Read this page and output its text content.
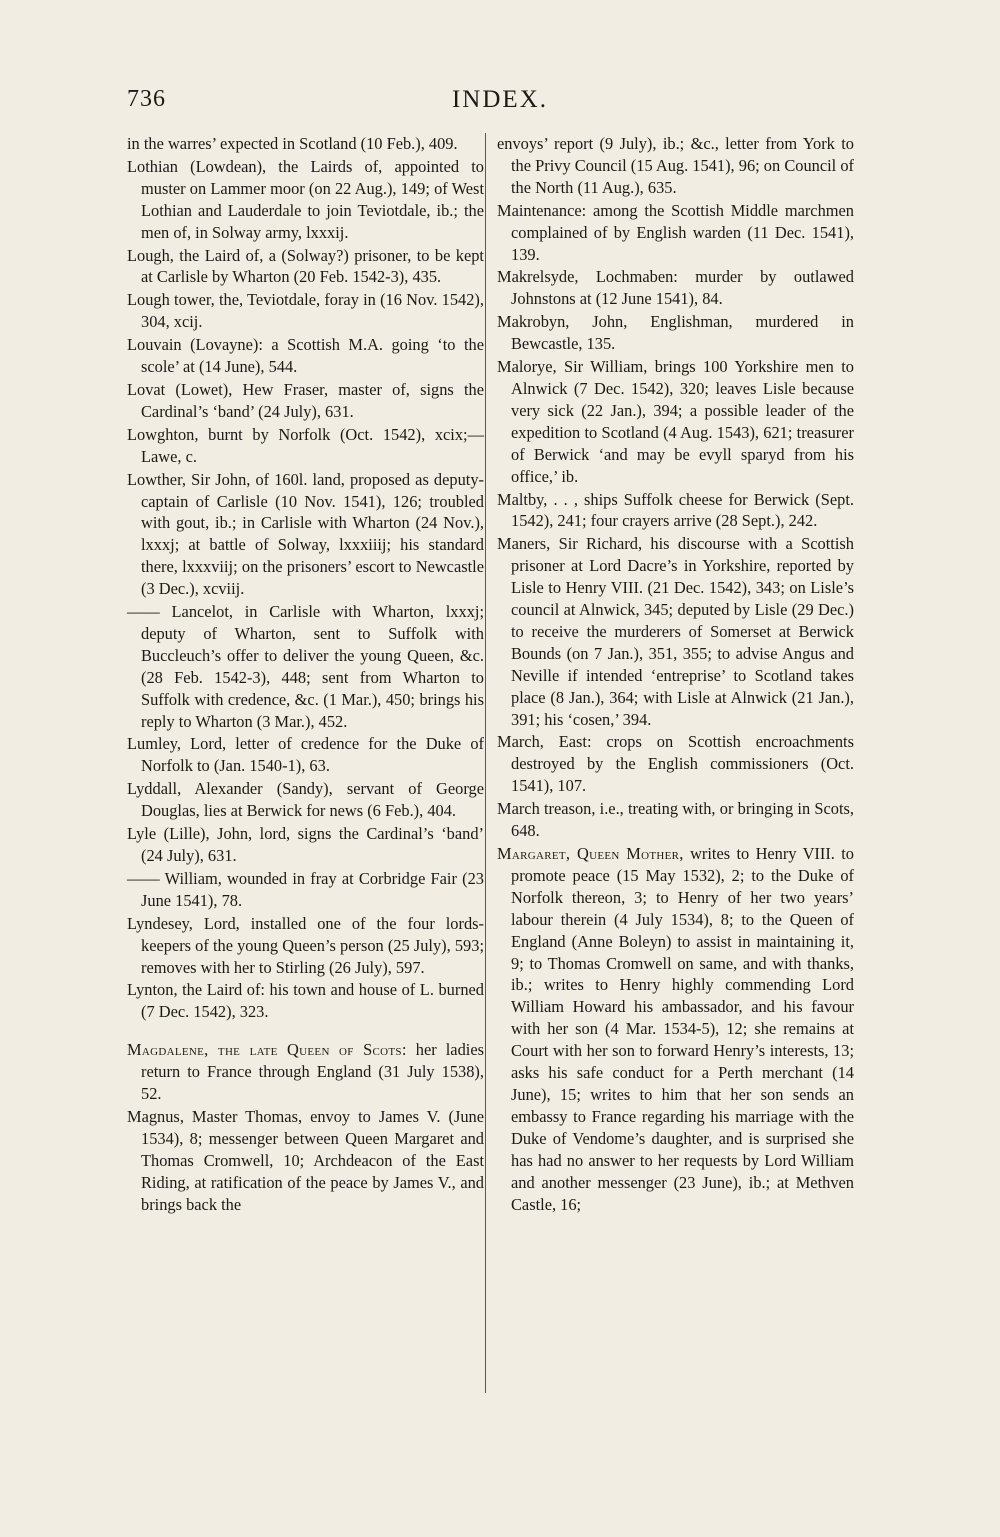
736	INDEX.

in the warres’ expected in Scotland (10 Feb.), 409.

Lothian (Lowdean), the Lairds of, appointed to muster on Lammer moor (on 22 Aug.), 149; of West Lothian and Lauderdale to join Teviotdale, ib.; the men of, in Solway army, lxxxij.

Lough, the Laird of, a (Solway?) prisoner, to be kept at Carlisle by Wharton (20 Feb. 1542-3), 435.

Lough tower, the, Teviotdale, foray in (16 Nov. 1542), 304, xcij.

Louvain (Lovayne): a Scottish M.A. going ‘to the scole’ at (14 June), 544.

Lovat (Lowet), Hew Fraser, master of, signs the Cardinal’s ‘band’ (24 July), 631.

Lowghton, burnt by Norfolk (Oct. 1542), xcix;—Lawe, c.

Lowther, Sir John, of 160l. land, proposed as deputy-captain of Carlisle (10 Nov. 1541), 126; troubled with gout, ib.; in Carlisle with Wharton (24 Nov.), lxxxj; at battle of Solway, lxxxiiij; his standard there, lxxxviij; on the prisoners’ escort to Newcastle (3 Dec.), xcviij.

—— Lancelot, in Carlisle with Wharton, lxxxj; deputy of Wharton, sent to Suffolk with Buccleuch’s offer to deliver the young Queen, &c. (28 Feb. 1542-3), 448; sent from Wharton to Suffolk with credence, &c. (1 Mar.), 450; brings his reply to Wharton (3 Mar.), 452.

Lumley, Lord, letter of credence for the Duke of Norfolk to (Jan. 1540-1), 63.

Lyddall, Alexander (Sandy), servant of George Douglas, lies at Berwick for news (6 Feb.), 404.

Lyle (Lille), John, lord, signs the Cardinal’s ‘band’ (24 July), 631.

—— William, wounded in fray at Corbridge Fair (23 June 1541), 78.

Lyndesey, Lord, installed one of the four lords-keepers of the young Queen’s person (25 July), 593; removes with her to Stirling (26 July), 597.

Lynton, the Laird of: his town and house of L. burned (7 Dec. 1542), 323.

Magdalene, the late Queen of Scots: her ladies return to France through England (31 July 1538), 52.

Magnus, Master Thomas, envoy to James V. (June 1534), 8; messenger between Queen Margaret and Thomas Cromwell, 10; Archdeacon of the East Riding, at ratification of the peace by James V., and brings back the

envoys’ report (9 July), ib.; &c., letter from York to the Privy Council (15 Aug. 1541), 96; on Council of the North (11 Aug.), 635.

Maintenance: among the Scottish Middle marchmen complained of by English warden (11 Dec. 1541), 139.

Makrelsyde, Lochmaben: murder by outlawed Johnstons at (12 June 1541), 84.

Makrobyn, John, Englishman, murdered in Bewcastle, 135.

Malorye, Sir William, brings 100 Yorkshire men to Alnwick (7 Dec. 1542), 320; leaves Lisle because very sick (22 Jan.), 394; a possible leader of the expedition to Scotland (4 Aug. 1543), 621; treasurer of Berwick ‘and may be evyll sparyd from his office,’ ib.

Maltby, . . , ships Suffolk cheese for Berwick (Sept. 1542), 241; four crayers arrive (28 Sept.), 242.

Maners, Sir Richard, his discourse with a Scottish prisoner at Lord Dacre’s in Yorkshire, reported by Lisle to Henry VIII. (21 Dec. 1542), 343; on Lisle’s council at Alnwick, 345; deputed by Lisle (29 Dec.) to receive the murderers of Somerset at Berwick Bounds (on 7 Jan.), 351, 355; to advise Angus and Neville if intended ‘entreprise’ to Scotland takes place (8 Jan.), 364; with Lisle at Alnwick (21 Jan.), 391; his ‘cosen,’ 394.

March, East: crops on Scottish encroachments destroyed by the English commissioners (Oct. 1541), 107.

March treason, i.e., treating with, or bringing in Scots, 648.

Margaret, Queen Mother, writes to Henry VIII. to promote peace (15 May 1532), 2; to the Duke of Norfolk thereon, 3; to Henry of her two years’ labour therein (4 July 1534), 8; to the Queen of England (Anne Boleyn) to assist in maintaining it, 9; to Thomas Cromwell on same, and with thanks, ib.; writes to Henry highly commending Lord William Howard his ambassador, and his favour with her son (4 Mar. 1534-5), 12; she remains at Court with her son to forward Henry’s interests, 13; asks his safe conduct for a Perth merchant (14 June), 15; writes to him that her son sends an embassy to France regarding his marriage with the Duke of Vendome’s daughter, and is surprised she has had no answer to her requests by Lord William and another messenger (23 June), ib.; at Methven Castle, 16;
